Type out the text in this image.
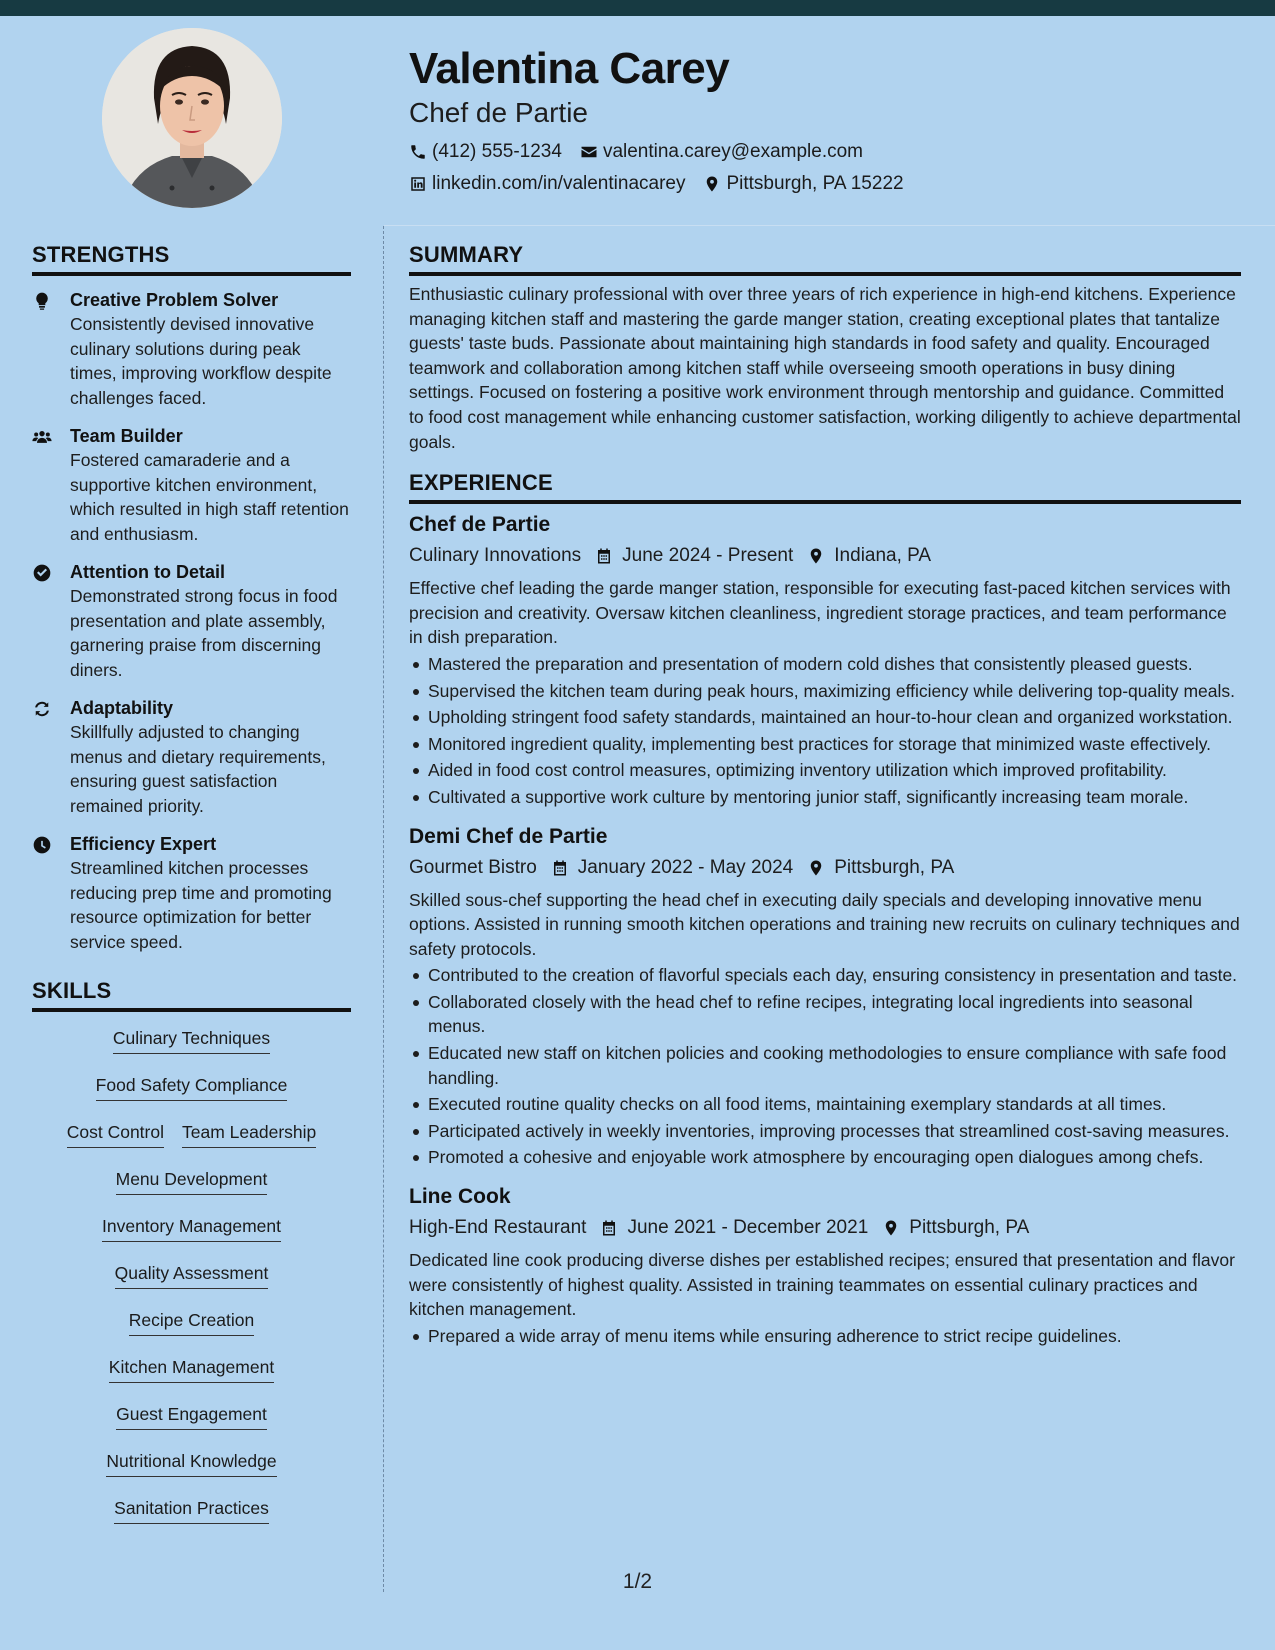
Valentina Carey
Chef de Partie
(412) 555-1234 valentina.carey@example.com
linkedin.com/in/valentinacarey Pittsburgh, PA 15222
STRENGTHS
Creative Problem Solver
Consistently devised innovative culinary solutions during peak times, improving workflow despite challenges faced.
Team Builder
Fostered camaraderie and a supportive kitchen environment, which resulted in high staff retention and enthusiasm.
Attention to Detail
Demonstrated strong focus in food presentation and plate assembly, garnering praise from discerning diners.
Adaptability
Skillfully adjusted to changing menus and dietary requirements, ensuring guest satisfaction remained priority.
Efficiency Expert
Streamlined kitchen processes reducing prep time and promoting resource optimization for better service speed.
SKILLS
Culinary Techniques
Food Safety Compliance
Cost Control Team Leadership
Menu Development
Inventory Management
Quality Assessment
Recipe Creation
Kitchen Management
Guest Engagement
Nutritional Knowledge
Sanitation Practices
SUMMARY
Enthusiastic culinary professional with over three years of rich experience in high-end kitchens. Experience managing kitchen staff and mastering the garde manger station, creating exceptional plates that tantalize guests' taste buds. Passionate about maintaining high standards in food safety and quality. Encouraged teamwork and collaboration among kitchen staff while overseeing smooth operations in busy dining settings. Focused on fostering a positive work environment through mentorship and guidance. Committed to food cost management while enhancing customer satisfaction, working diligently to achieve departmental goals.
EXPERIENCE
Chef de Partie
Culinary Innovations June 2024 - Present Indiana, PA
Effective chef leading the garde manger station, responsible for executing fast-paced kitchen services with precision and creativity. Oversaw kitchen cleanliness, ingredient storage practices, and team performance in dish preparation.
Mastered the preparation and presentation of modern cold dishes that consistently pleased guests.
Supervised the kitchen team during peak hours, maximizing efficiency while delivering top-quality meals.
Upholding stringent food safety standards, maintained an hour-to-hour clean and organized workstation.
Monitored ingredient quality, implementing best practices for storage that minimized waste effectively.
Aided in food cost control measures, optimizing inventory utilization which improved profitability.
Cultivated a supportive work culture by mentoring junior staff, significantly increasing team morale.
Demi Chef de Partie
Gourmet Bistro January 2022 - May 2024 Pittsburgh, PA
Skilled sous-chef supporting the head chef in executing daily specials and developing innovative menu options. Assisted in running smooth kitchen operations and training new recruits on culinary techniques and safety protocols.
Contributed to the creation of flavorful specials each day, ensuring consistency in presentation and taste.
Collaborated closely with the head chef to refine recipes, integrating local ingredients into seasonal menus.
Educated new staff on kitchen policies and cooking methodologies to ensure compliance with safe food handling.
Executed routine quality checks on all food items, maintaining exemplary standards at all times.
Participated actively in weekly inventories, improving processes that streamlined cost-saving measures.
Promoted a cohesive and enjoyable work atmosphere by encouraging open dialogues among chefs.
Line Cook
High-End Restaurant June 2021 - December 2021 Pittsburgh, PA
Dedicated line cook producing diverse dishes per established recipes; ensured that presentation and flavor were consistently of highest quality. Assisted in training teammates on essential culinary practices and kitchen management.
Prepared a wide array of menu items while ensuring adherence to strict recipe guidelines.
1/2
